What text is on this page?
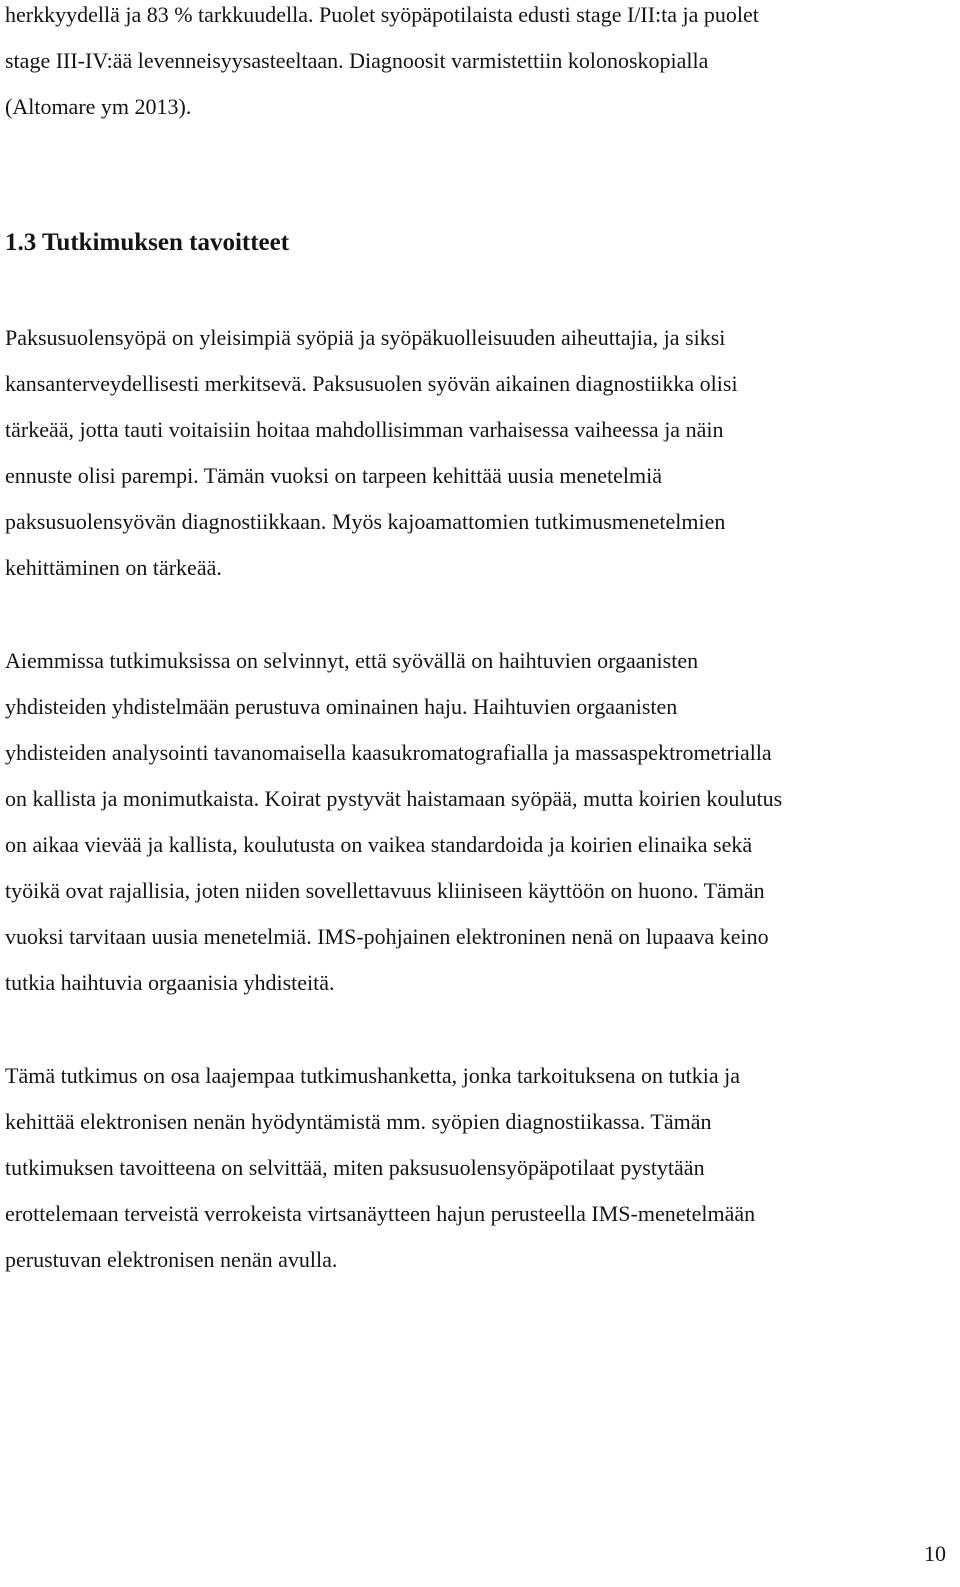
herkkyydellä ja 83 % tarkkuudella. Puolet syöpäpotilaista edusti stage I/II:ta ja puolet

stage III-IV:ää levenneisyysasteeltaan. Diagnoosit varmistettiin kolonoskopialla

(Altomare ym 2013).

1.3 Tutkimuksen tavoitteet

Paksusuolensyöpä on yleisimpiä syöpiä ja syöpäkuolleisuuden aiheuttajia, ja siksi

kansanterveydellisesti merkitsevä. Paksusuolen syövän aikainen diagnostiikka olisi

tärkeää, jotta tauti voitaisiin hoitaa mahdollisimman varhaisessa vaiheessa ja näin

ennuste olisi parempi. Tämän vuoksi on tarpeen kehittää uusia menetelmiä

paksusuolensyövän diagnostiikkaan. Myös kajoamattomien tutkimusmenetelmien

kehittäminen on tärkeää.

Aiemmissa tutkimuksissa on selvinnyt, että syövällä on haihtuvien orgaanisten

yhdisteiden yhdistelmään perustuva ominainen haju. Haihtuvien orgaanisten

yhdisteiden analysointi tavanomaisella kaasukromatografialla ja massaspektrometrialla

on kallista ja monimutkaista. Koirat pystyvät haistamaan syöpää, mutta koirien koulutus

on aikaa vievää ja kallista, koulutusta on vaikea standardoida ja koirien elinaika sekä

työikä ovat rajallisia, joten niiden sovellettavuus kliiniseen käyttöön on huono. Tämän

vuoksi tarvitaan uusia menetelmiä. IMS-pohjainen elektroninen nenä on lupaava keino

tutkia haihtuvia orgaanisia yhdisteitä.

Tämä tutkimus on osa laajempaa tutkimushanketta, jonka tarkoituksena on tutkia ja

kehittää elektronisen nenän hyödyntämistä mm. syöpien diagnostiikassa. Tämän

tutkimuksen tavoitteena on selvittää, miten paksusuolensyöpäpotilaat pystytään

erottelemaan terveistä verrokeista virtsanäytteen hajun perusteella IMS-menetelmään

perustuvan elektronisen nenän avulla.

10
